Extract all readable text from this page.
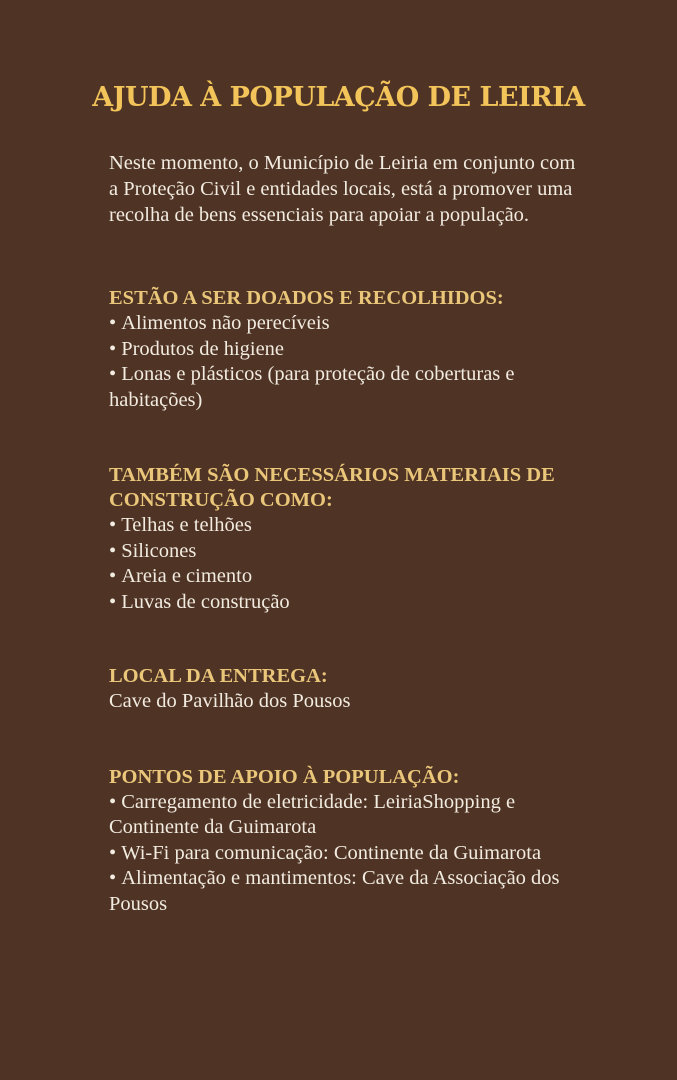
AJUDA À POPULAÇÃO DE LEIRIA

Neste momento, o Município de Leiria em conjunto com a Proteção Civil e entidades locais, está a promover uma recolha de bens essenciais para apoiar a população.

ESTÃO A SER DOADOS E RECOLHIDOS:
• Alimentos não perecíveis
• Produtos de higiene
• Lonas e plásticos (para proteção de coberturas e habitações)
TAMBÉM SÃO NECESSÁRIOS MATERIAIS DE CONSTRUÇÃO COMO:
• Telhas e telhões
• Silicones
• Areia e cimento
• Luvas de construção
LOCAL DA ENTREGA:
Cave do Pavilhão dos Pousos
PONTOS DE APOIO À POPULAÇÃO:
• Carregamento de eletricidade: LeiriaShopping e Continente da Guimarota
• Wi-Fi para comunicação: Continente da Guimarota
• Alimentação e mantimentos: Cave da Associação dos Pousos
